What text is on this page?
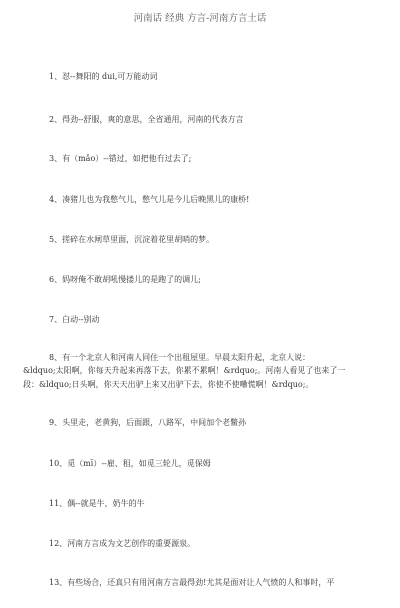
河南话 经典 方言-河南方言土话
1、怼--舞阳的 dui,可万能动词
2、得劲--舒服，爽的意思，全省通用，河南的代表方言
3、有（mǎo）--错过，如把他冇过去了;
4、凑猪儿也为我憋气儿，憋气儿是今儿后晚黑儿的康桥!
5、搓碎在水闸草里面，沉淀着花里胡哨的梦。
6、妈呀俺不敢胡吼慢搂儿的是跑了的调儿;
7、白动--别动
8、有一个北京人和河南人同住一个出租屋里。早晨太阳升起，北京人说：
&ldquo;太阳啊，你每天升起来再落下去，你累不累啊！&rdquo;。河南人看见了也来了一
段：&ldquo;日头啊，你天天出驴上来又出驴下去，你使不使嘞慌啊！&rdquo;。
9、头里走，老黄狗，后面跟，八路军，中间加个老鳖孙
10、觅（mī）--雇、租，如觅三轮儿，觅保姆
11、偶--就是牛，奶牛的牛
12、河南方言成为文艺创作的重要源泉。
13、有些场合，还真只有用河南方言最得劲!尤其是面对让人气愤的人和事时，平
